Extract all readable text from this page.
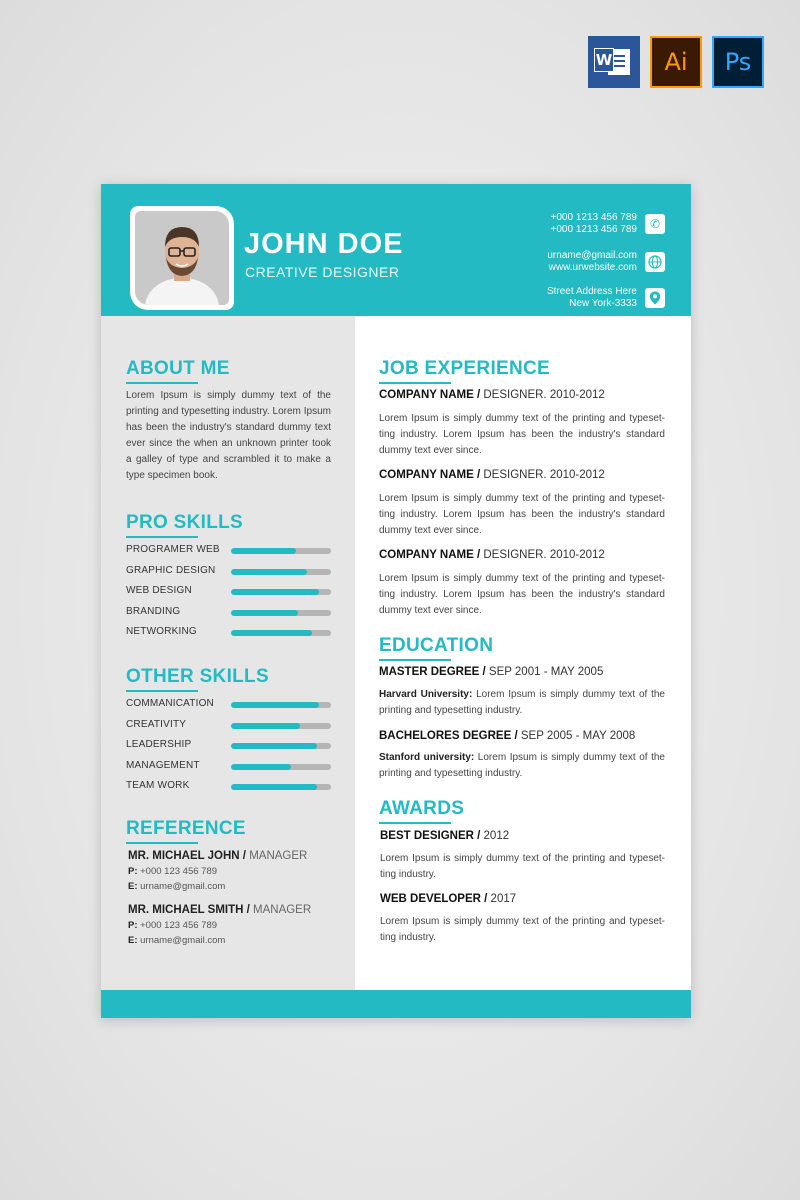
W	Ai	Ps
JOHN DOE
CREATIVE DESIGNER
+000 1213 456 789
+000 1213 456 789	✆
urname@gmail.com
www.urwebsite.com
Street Address Here
New York-3333
ABOUT ME
Lorem Ipsum is simply dummy text of the printing and typesetting industry. Lorem Ipsum has been the industry's standard dummy text ever since the when an unknown printer took a galley of type and scrambled it to make a type specimen book.
PRO SKILLS
PROGRAMER WEB
GRAPHIC DESIGN
WEB DESIGN
BRANDING
NETWORKING
OTHER SKILLS
COMMANICATION
CREATIVITY
LEADERSHIP
MANAGEMENT
TEAM WORK
REFERENCE
MR. MICHAEL JOHN / MANAGER
P: +000 123 456 789
E: urname@gmail.com
MR. MICHAEL SMITH / MANAGER
P: +000 123 456 789
E: urname@gmail.com
JOB EXPERIENCE
COMPANY NAME / DESIGNER. 2010-2012
Lorem Ipsum is simply dummy text of the printing and typeset- ting industry. Lorem Ipsum has been the industry's standard dummy text ever since.
COMPANY NAME / DESIGNER. 2010-2012
Lorem Ipsum is simply dummy text of the printing and typeset- ting industry. Lorem Ipsum has been the industry's standard dummy text ever since.
COMPANY NAME / DESIGNER. 2010-2012
Lorem Ipsum is simply dummy text of the printing and typeset- ting industry. Lorem Ipsum has been the industry's standard dummy text ever since.
EDUCATION
MASTER DEGREE / SEP 2001 - MAY 2005
Harvard University: Lorem Ipsum is simply dummy text of the printing and typesetting industry.
BACHELORES DEGREE / SEP 2005 - MAY 2008
Stanford university: Lorem Ipsum is simply dummy text of the printing and typesetting industry.
AWARDS
BEST DESIGNER / 2012
Lorem Ipsum is simply dummy text of the printing and typeset- ting industry.
WEB DEVELOPER / 2017
Lorem Ipsum is simply dummy text of the printing and typeset- ting industry.
